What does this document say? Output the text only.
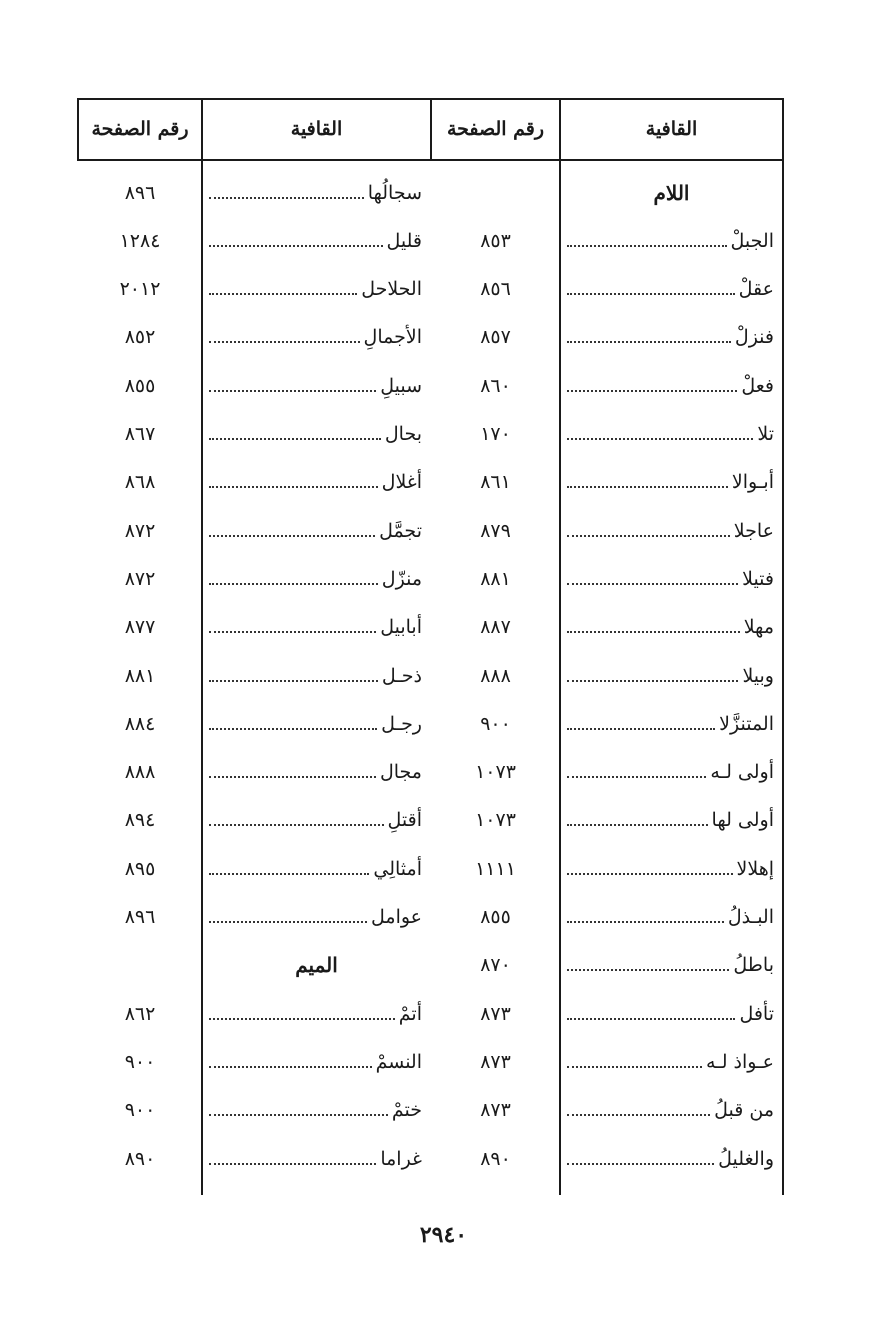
القافية
رقم الصفحة
القافية
رقم الصفحة
اللام
الجبلْ
٨٥٣
عقلْ
٨٥٦
فنزلْ
٨٥٧
فعلْ
٨٦٠
تلا
١٧٠
أبـوالا
٨٦١
عاجلا
٨٧٩
فتيلا
٨٨١
مهلا
٨٨٧
وبيلا
٨٨٨
المتنزَّلا
٩٠٠
أولى لـه
١٠٧٣
أولى لها
١٠٧٣
إهلالا
١١١١
البـذلُ
٨٥٥
باطلُ
٨٧٠
تأفل
٨٧٣
عـواذ لـه
٨٧٣
من قبلُ
٨٧٣
والغليلُ
٨٩٠
سجالُها
٨٩٦
قليل
١٢٨٤
الحلاحل
٢٠١٢
الأجمالِ
٨٥٢
سبيلِ
٨٥٥
بحال
٨٦٧
أغلال
٨٦٨
تجمَّل
٨٧٢
منزّل
٨٧٢
أبابيل
٨٧٧
ذحـل
٨٨١
رجـل
٨٨٤
مجال
٨٨٨
أقتلِ
٨٩٤
أمثالِي
٨٩٥
عوامل
٨٩٦
الميم
أتمْ
٨٦٢
النسمْ
٩٠٠
ختمْ
٩٠٠
غراما
٨٩٠
٢٩٤٠
